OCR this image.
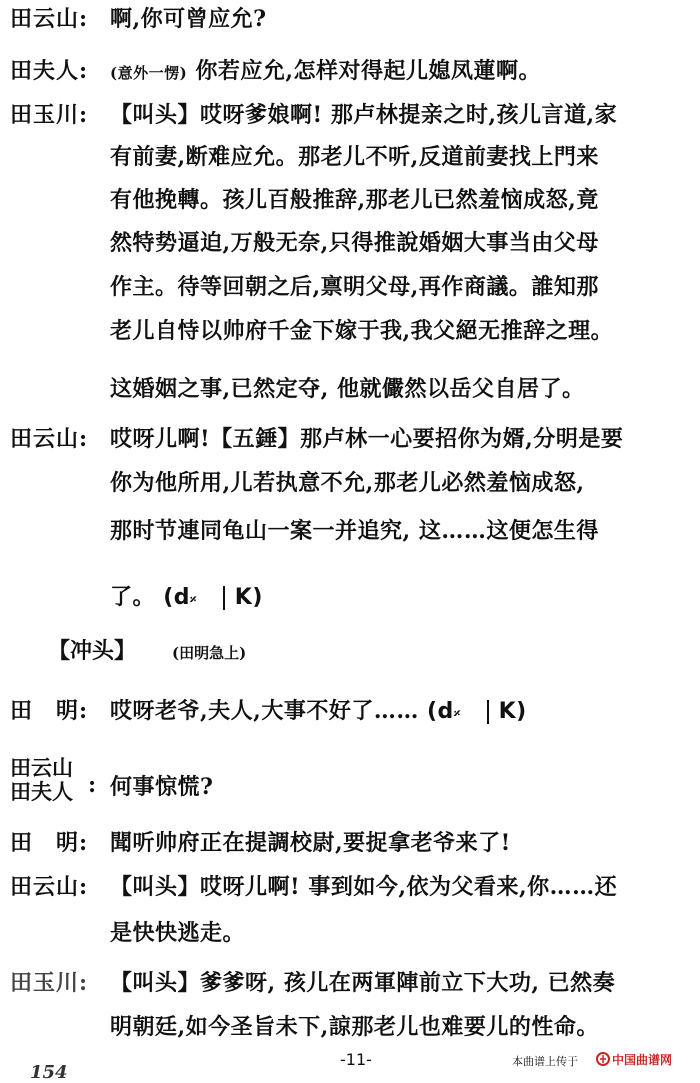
田云山: 啊,你可曾应允?
田夫人: (意外一愣) 你若应允,怎样对得起儿媳凤蓮啊。
田玉川: 【叫头】哎呀爹娘啊! 那卢林提亲之时,孩儿言道,家
有前妻,断难应允。那老儿不听,反道前妻找上門来
有他挽轉。孩儿百般推辞,那老儿已然羞恼成怒,竟
然特势逼迫,万般无奈,只得推說婚姻大事当由父母
作主。待等回朝之后,禀明父母,再作商議。誰知那
老儿自恃以帅府千金下嫁于我,我父絕无推辞之理。
这婚姻之事,已然定夺, 他就儼然以岳父自居了。
田云山: 哎呀儿啊!【五錘】那卢林一心要招你为婿,分明是要
你为他所用,儿若执意不允,那老儿必然羞恼成怒,
那时节連同龟山一案一并追究, 这……这便怎生得
了。 (d𝄎 K)
【冲头】 (田明急上)
田　明: 哎呀老爷,夫人,大事不好了…… (d𝄎 K)
田云山
田夫人 : 何事惊慌?
田　明: 聞听帅府正在提調校尉,要捉拿老爷来了!
田云山: 【叫头】哎呀儿啊! 事到如今,依为父看来,你……还
是快快逃走。
田玉川: 【叫头】爹爹呀, 孩儿在两軍陣前立下大功, 已然奏
明朝廷,如今圣旨未下,諒那老儿也难要儿的性命。
154
-11-	本曲谱上传于	中国曲谱网
